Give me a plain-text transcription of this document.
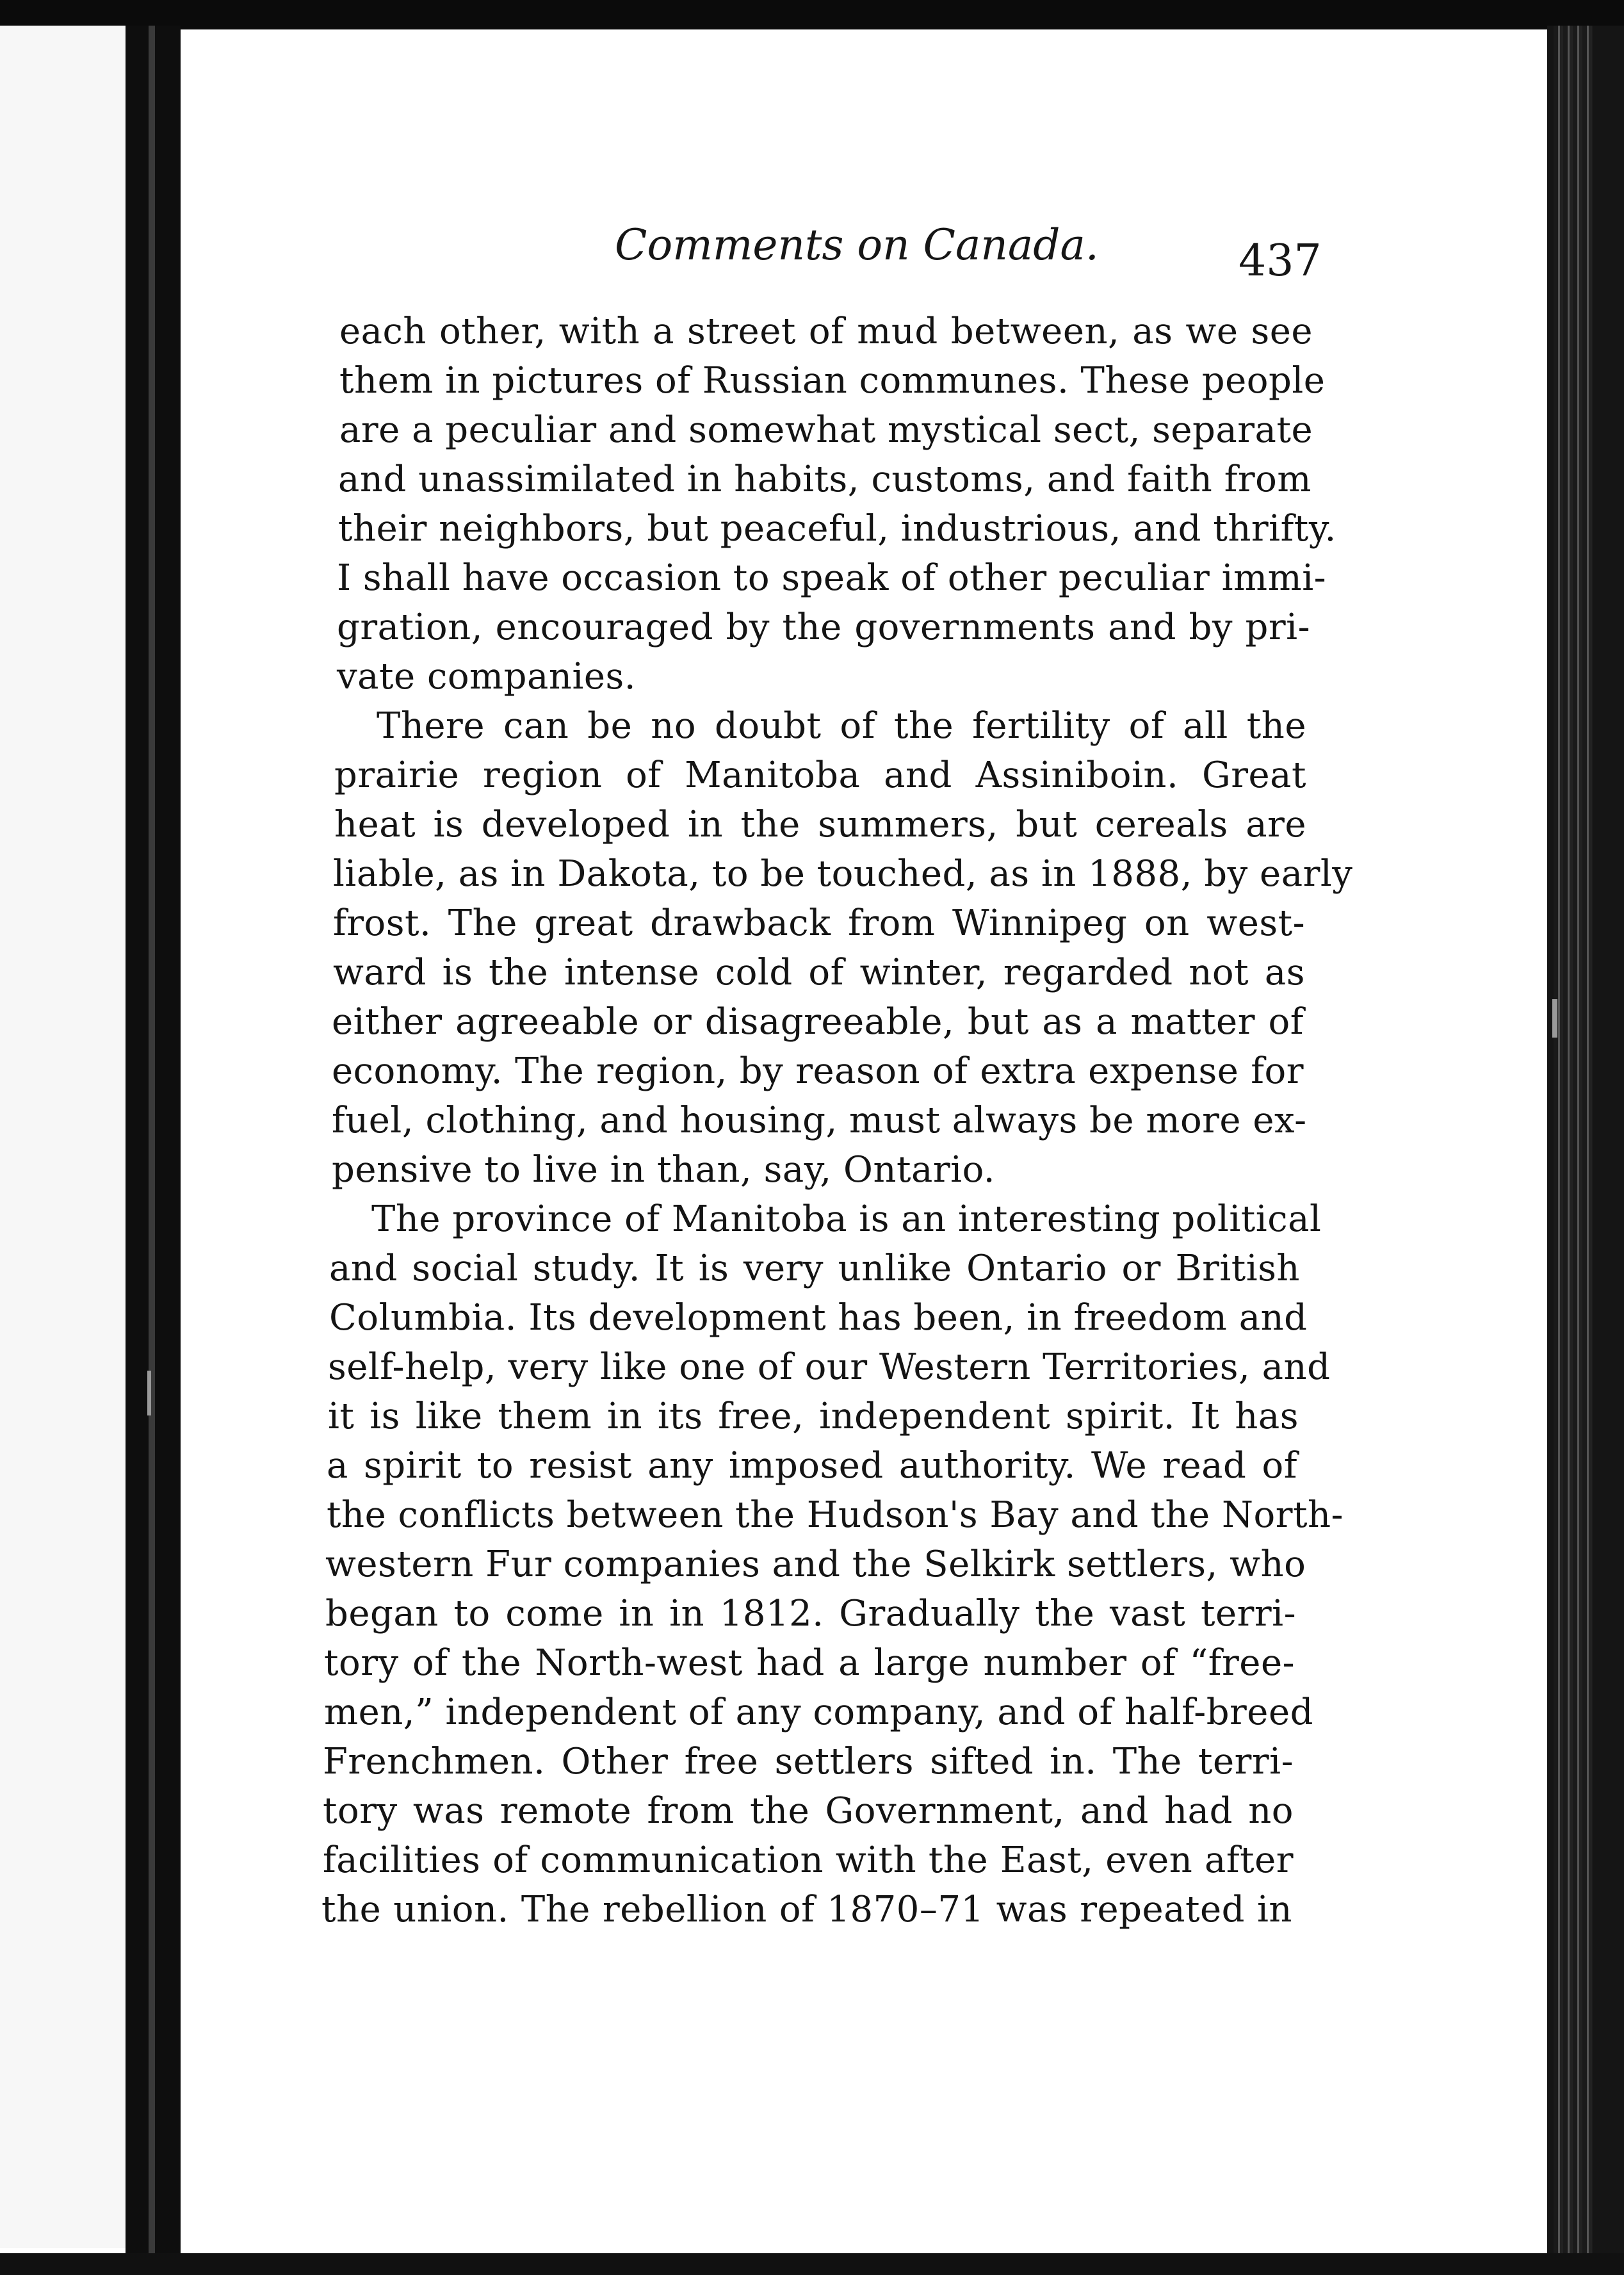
Comments on Canada.	437
each other, with a street of mud between, as we see
them in pictures of Russian communes. These people
are a peculiar and somewhat mystical sect, separate
and unassimilated in habits, customs, and faith from
their neighbors, but peaceful, industrious, and thrifty.
I shall have occasion to speak of other peculiar immi-
gration, encouraged by the governments and by pri-
vate companies.
There can be no doubt of the fertility of all the
prairie region of Manitoba and Assiniboin. Great
heat is developed in the summers, but cereals are
liable, as in Dakota, to be touched, as in 1888, by early
frost. The great drawback from Winnipeg on west-
ward is the intense cold of winter, regarded not as
either agreeable or disagreeable, but as a matter of
economy. The region, by reason of extra expense for
fuel, clothing, and housing, must always be more ex-
pensive to live in than, say, Ontario.
The province of Manitoba is an interesting political
and social study. It is very unlike Ontario or British
Columbia. Its development has been, in freedom and
self-help, very like one of our Western Territories, and
it is like them in its free, independent spirit. It has
a spirit to resist any imposed authority. We read of
the conflicts between the Hudson's Bay and the North-
western Fur companies and the Selkirk settlers, who
began to come in in 1812. Gradually the vast terri-
tory of the North-west had a large number of “free-
men,” independent of any company, and of half-breed
Frenchmen. Other free settlers sifted in. The terri-
tory was remote from the Government, and had no
facilities of communication with the East, even after
the union. The rebellion of 1870–71 was repeated in
